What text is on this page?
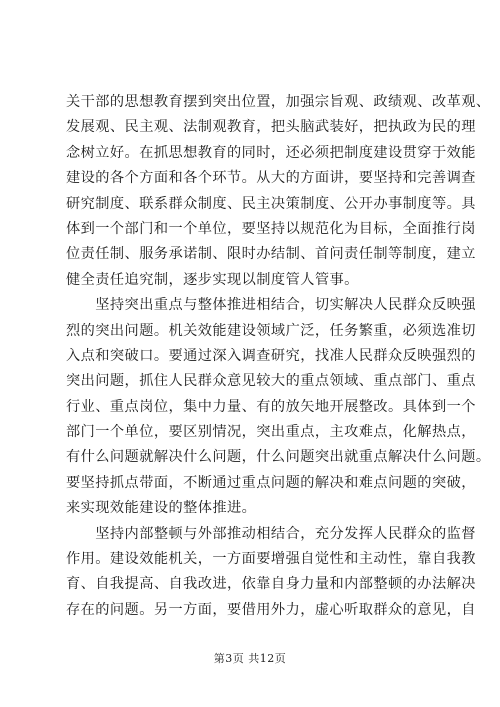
关干部的思想教育摆到突出位置，加强宗旨观、政绩观、改革观、
发展观、民主观、法制观教育，把头脑武装好，把执政为民的理
念树立好。在抓思想教育的同时，还必须把制度建设贯穿于效能
建设的各个方面和各个环节。从大的方面讲，要坚持和完善调查
研究制度、联系群众制度、民主决策制度、公开办事制度等。具
体到一个部门和一个单位，要坚持以规范化为目标，全面推行岗
位责任制、服务承诺制、限时办结制、首问责任制等制度，建立
健全责任追究制，逐步实现以制度管人管事。
　　坚持突出重点与整体推进相结合，切实解决人民群众反映强
烈的突出问题。机关效能建设领域广泛，任务繁重，必须选准切
入点和突破口。要通过深入调查研究，找准人民群众反映强烈的
突出问题，抓住人民群众意见较大的重点领域、重点部门、重点
行业、重点岗位，集中力量、有的放矢地开展整改。具体到一个
部门一个单位，要区别情况，突出重点，主攻难点，化解热点，
有什么问题就解决什么问题，什么问题突出就重点解决什么问题。
要坚持抓点带面，不断通过重点问题的解决和难点问题的突破，
来实现效能建设的整体推进。
　　坚持内部整顿与外部推动相结合，充分发挥人民群众的监督
作用。建设效能机关，一方面要增强自觉性和主动性，靠自我教
育、自我提高、自我改进，依靠自身力量和内部整顿的办法解决
存在的问题。另一方面，要借用外力，虚心听取群众的意见，自
第3页 共12页
